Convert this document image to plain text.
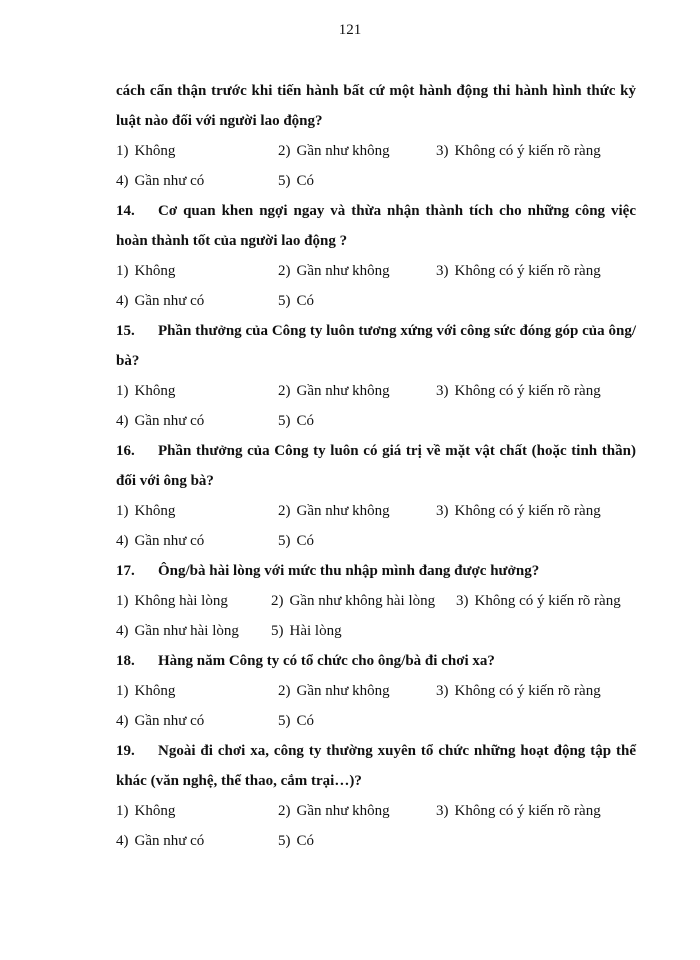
121
cách cẩn thận trước khi tiến hành bất cứ một hành động thi hành hình thức kỷ luật nào đối với người lao động?
1) Không	2) Gần như không	3) Không có ý kiến rõ ràng
4) Gần như có	5) Có
14. Cơ quan khen ngợi ngay và thừa nhận thành tích cho những công việc hoàn thành tốt của người lao động ?
1) Không	2) Gần như không	3) Không có ý kiến rõ ràng
4) Gần như có	5) Có
15. Phần thưởng của Công ty luôn tương xứng với công sức đóng góp của ông/ bà?
1) Không	2) Gần như không	3) Không có ý kiến rõ ràng
4) Gần như có	5) Có
16. Phần thưởng của Công ty luôn có giá trị về mặt vật chất (hoặc tinh thần) đối với ông bà?
1) Không	2) Gần như không	3) Không có ý kiến rõ ràng
4) Gần như có	5) Có
17. Ông/bà hài lòng với mức thu nhập mình đang được hưởng?
1) Không hài lòng	2) Gần như không hài lòng 3) Không có ý kiến rõ ràng
4) Gần như hài lòng 5) Hài lòng
18. Hàng năm Công ty có tổ chức cho ông/bà đi chơi xa?
1) Không	2) Gần như không	3) Không có ý kiến rõ ràng
4) Gần như có	5) Có
19. Ngoài đi chơi xa, công ty thường xuyên tổ chức những hoạt động tập thể khác (văn nghệ, thể thao, cắm trại…)?
1) Không	2) Gần như không	3) Không có ý kiến rõ ràng
4) Gần như có	5) Có
